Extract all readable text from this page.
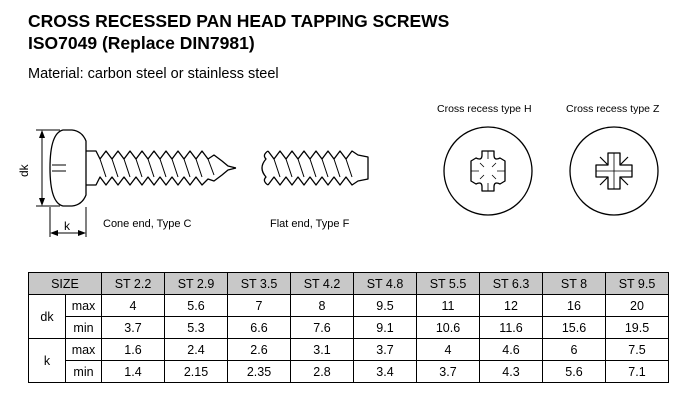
CROSS RECESSED PAN HEAD TAPPING SCREWS
ISO7049 (Replace DIN7981)
Material: carbon steel or stainless steel
dk
k	Cone end, Type C	Flat end, Type F
Cross recess type H	Cross recess type Z
SIZE		ST 2.2	ST 2.9	ST 3.5	ST 4.2	ST 4.8	ST 5.5	ST 6.3	ST 8	ST 9.5
dk	max	4	5.6	7	8	9.5	11	12	16	20
	min	3.7	5.3	6.6	7.6	9.1	10.6	11.6	15.6	19.5
k	max	1.6	2.4	2.6	3.1	3.7	4	4.6	6	7.5
	min	1.4	2.15	2.35	2.8	3.4	3.7	4.3	5.6	7.1
